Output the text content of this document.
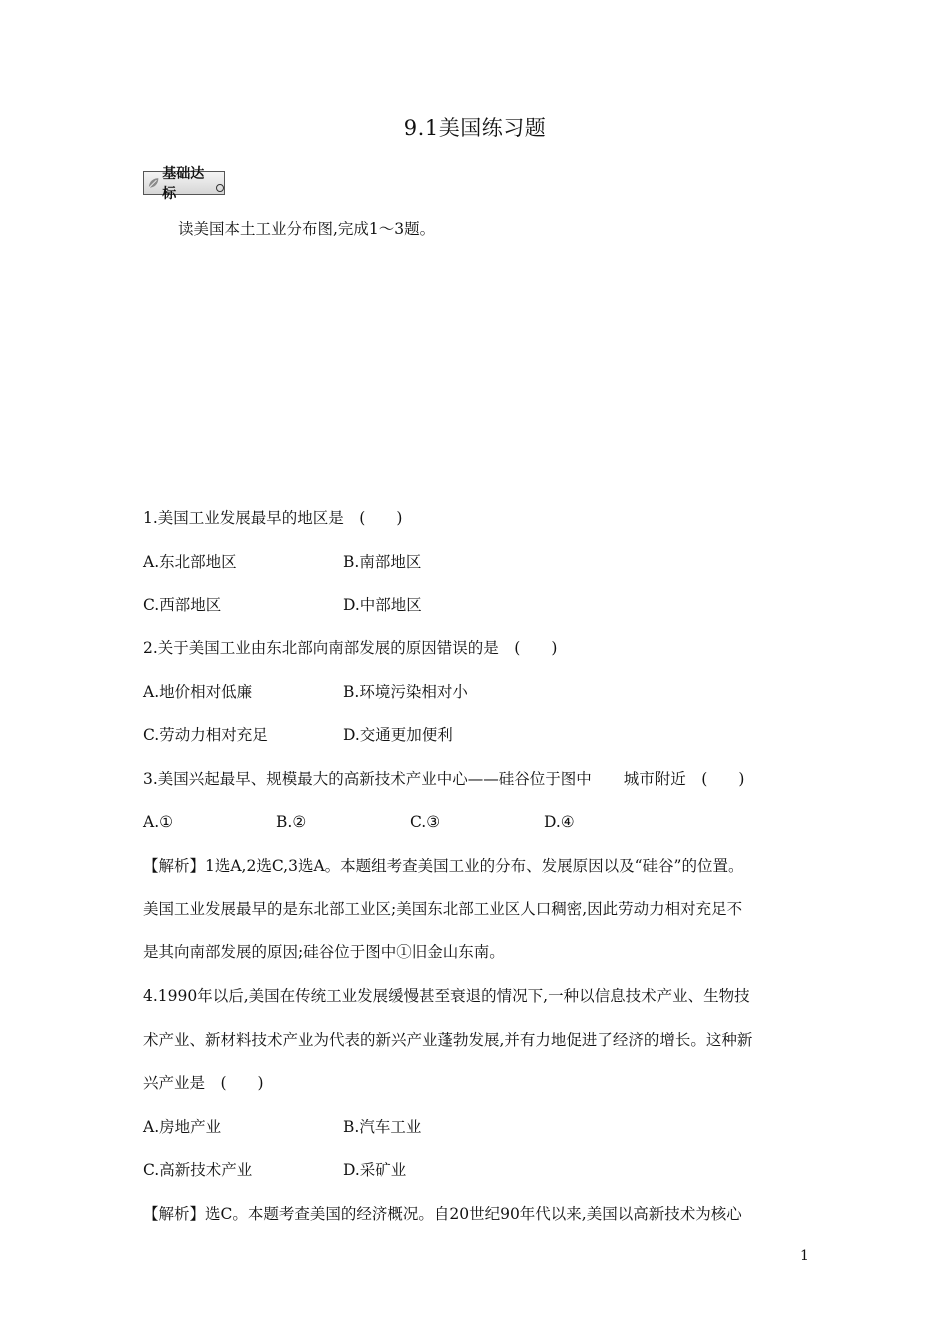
9.1美国练习题
基础达标
读美国本土工业分布图,完成1～3题。
1.美国工业发展最早的地区是　(　　)
A.东北部地区	B.南部地区
C.西部地区	D.中部地区
2.关于美国工业由东北部向南部发展的原因错误的是　(　　)
A.地价相对低廉	B.环境污染相对小
C.劳动力相对充足	D.交通更加便利
3.美国兴起最早、规模最大的高新技术产业中心——硅谷位于图中 城市附近　(　　)
A.①	B.②	C.③	D.④
【解析】1选A,2选C,3选A。本题组考查美国工业的分布、发展原因以及“硅谷”的位置。
美国工业发展最早的是东北部工业区;美国东北部工业区人口稠密,因此劳动力相对充足不
是其向南部发展的原因;硅谷位于图中①旧金山东南。
4.1990年以后,美国在传统工业发展缓慢甚至衰退的情况下,一种以信息技术产业、生物技
术产业、新材料技术产业为代表的新兴产业蓬勃发展,并有力地促进了经济的增长。这种新
兴产业是　(　　)
A.房地产业	B.汽车工业
C.高新技术产业	D.采矿业
【解析】选C。本题考查美国的经济概况。自20世纪90年代以来,美国以高新技术为核心
1
